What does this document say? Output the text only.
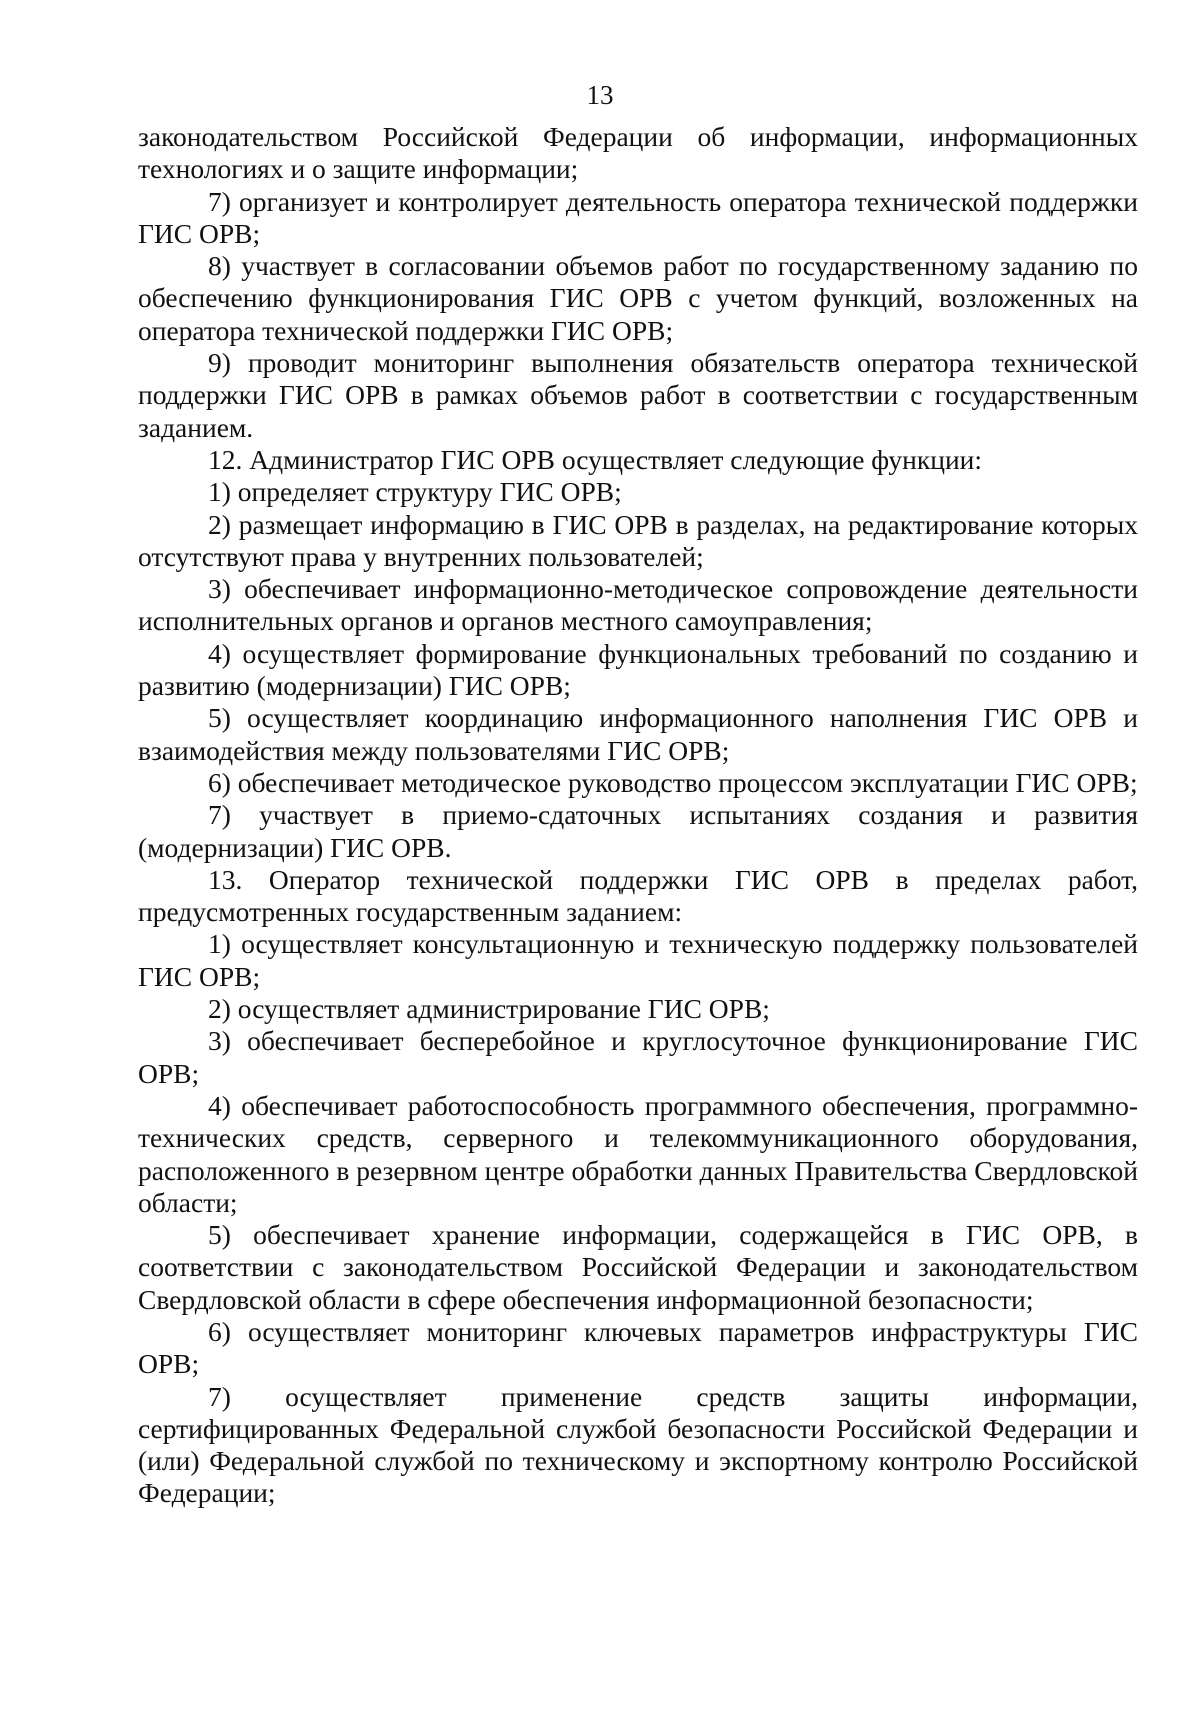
13

законодательством Российской Федерации об информации, информационных технологиях и о защите информации;

7) организует и контролирует деятельность оператора технической поддержки ГИС ОРВ;

8) участвует в согласовании объемов работ по государственному заданию по обеспечению функционирования ГИС ОРВ с учетом функций, возложенных на оператора технической поддержки ГИС ОРВ;

9) проводит мониторинг выполнения обязательств оператора технической поддержки ГИС ОРВ в рамках объемов работ в соответствии с государственным заданием.

12. Администратор ГИС ОРВ осуществляет следующие функции:

1) определяет структуру ГИС ОРВ;

2) размещает информацию в ГИС ОРВ в разделах, на редактирование которых отсутствуют права у внутренних пользователей;

3) обеспечивает информационно-методическое сопровождение деятельности исполнительных органов и органов местного самоуправления;

4) осуществляет формирование функциональных требований по созданию и развитию (модернизации) ГИС ОРВ;

5) осуществляет координацию информационного наполнения ГИС ОРВ и взаимодействия между пользователями ГИС ОРВ;

6) обеспечивает методическое руководство процессом эксплуатации ГИС ОРВ;

7) участвует в приемо-сдаточных испытаниях создания и развития (модернизации) ГИС ОРВ.

13. Оператор технической поддержки ГИС ОРВ в пределах работ, предусмотренных государственным заданием:

1) осуществляет консультационную и техническую поддержку пользователей ГИС ОРВ;

2) осуществляет администрирование ГИС ОРВ;

3) обеспечивает бесперебойное и круглосуточное функционирование ГИС ОРВ;

4) обеспечивает работоспособность программного обеспечения, программно-технических средств, серверного и телекоммуникационного оборудования, расположенного в резервном центре обработки данных Правительства Свердловской области;

5) обеспечивает хранение информации, содержащейся в ГИС ОРВ, в соответствии с законодательством Российской Федерации и законодательством Свердловской области в сфере обеспечения информационной безопасности;

6) осуществляет мониторинг ключевых параметров инфраструктуры ГИС ОРВ;

7) осуществляет применение средств защиты информации, сертифицированных Федеральной службой безопасности Российской Федерации и (или) Федеральной службой по техническому и экспортному контролю Российской Федерации;
